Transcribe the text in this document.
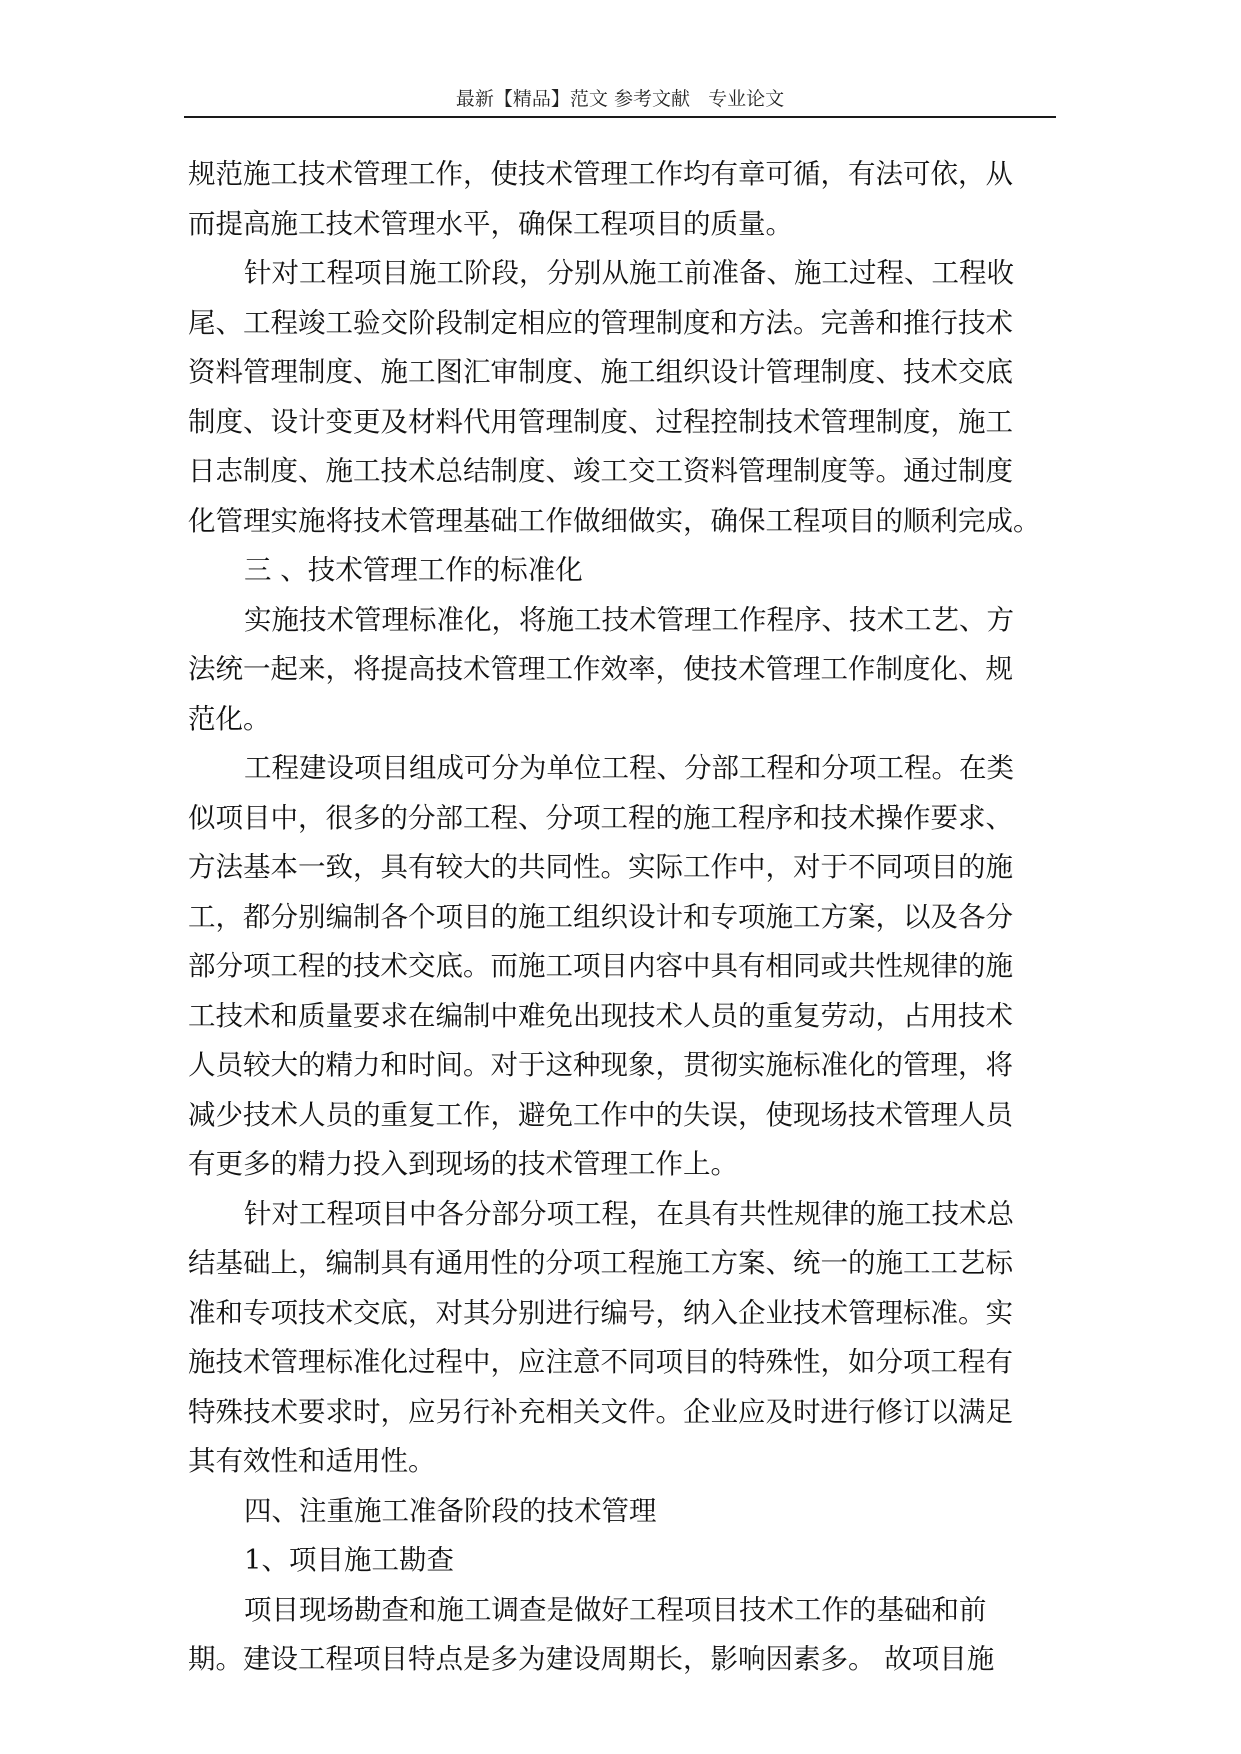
最新【精品】范文 参考文献   专业论文
规范施工技术管理工作，使技术管理工作均有章可循，有法可依，从
而提高施工技术管理水平，确保工程项目的质量。
针对工程项目施工阶段，分别从施工前准备、施工过程、工程收
尾、工程竣工验交阶段制定相应的管理制度和方法。完善和推行技术
资料管理制度、施工图汇审制度、施工组织设计管理制度、技术交底
制度、设计变更及材料代用管理制度、过程控制技术管理制度，施工
日志制度、施工技术总结制度、竣工交工资料管理制度等。通过制度
化管理实施将技术管理基础工作做细做实，确保工程项目的顺利完成。
三 、技术管理工作的标准化
实施技术管理标准化，将施工技术管理工作程序、技术工艺、方
法统一起来，将提高技术管理工作效率，使技术管理工作制度化、规
范化。
工程建设项目组成可分为单位工程、分部工程和分项工程。在类
似项目中，很多的分部工程、分项工程的施工程序和技术操作要求、
方法基本一致，具有较大的共同性。实际工作中，对于不同项目的施
工，都分别编制各个项目的施工组织设计和专项施工方案，以及各分
部分项工程的技术交底。而施工项目内容中具有相同或共性规律的施
工技术和质量要求在编制中难免出现技术人员的重复劳动，占用技术
人员较大的精力和时间。对于这种现象，贯彻实施标准化的管理，将
减少技术人员的重复工作，避免工作中的失误，使现场技术管理人员
有更多的精力投入到现场的技术管理工作上。
针对工程项目中各分部分项工程，在具有共性规律的施工技术总
结基础上，编制具有通用性的分项工程施工方案、统一的施工工艺标
准和专项技术交底，对其分别进行编号，纳入企业技术管理标准。实
施技术管理标准化过程中，应注意不同项目的特殊性，如分项工程有
特殊技术要求时，应另行补充相关文件。企业应及时进行修订以满足
其有效性和适用性。
四、注重施工准备阶段的技术管理
1、项目施工勘查
项目现场勘查和施工调查是做好工程项目技术工作的基础和前
期。建设工程项目特点是多为建设周期长，影响因素多。 故项目施
